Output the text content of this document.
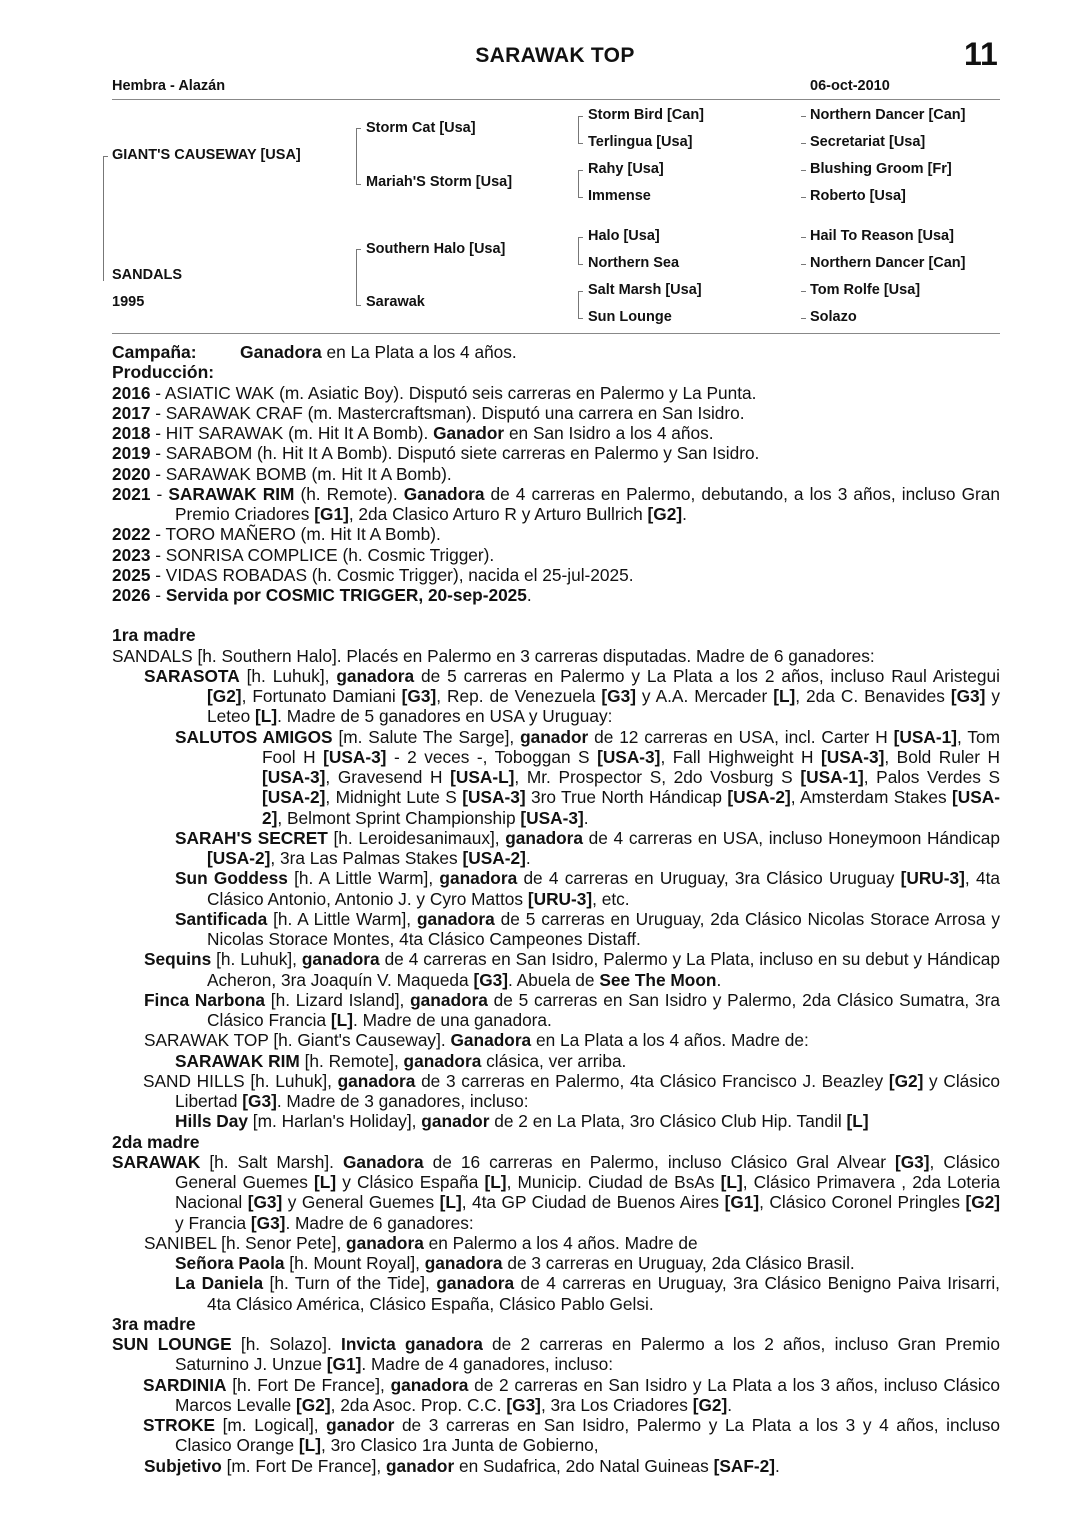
SARAWAK TOP	11
Hembra - Alazán	06-oct-2010
GIANT'S CAUSEWAY [USA]
SANDALS
1995
Storm Cat [Usa]
Mariah'S Storm [Usa]
Southern Halo [Usa]
Sarawak
Storm Bird [Can]
Terlingua [Usa]
Rahy [Usa]
Immense
Halo [Usa]
Northern Sea
Salt Marsh [Usa]
Sun Lounge
Northern Dancer [Can]
Secretariat [Usa]
Blushing Groom [Fr]
Roberto [Usa]
Hail To Reason [Usa]
Northern Dancer [Can]
Tom Rolfe [Usa]
Solazo
Campaña: Ganadora en La Plata a los 4 años.
Producción:
2016 - ASIATIC WAK (m. Asiatic Boy). Disputó seis carreras en Palermo y La Punta.
2017 - SARAWAK CRAF (m. Mastercraftsman). Disputó una carrera en San Isidro.
2018 - HIT SARAWAK (m. Hit It A Bomb). Ganador en San Isidro a los 4 años.
2019 - SARABOM (h. Hit It A Bomb). Disputó siete carreras en Palermo y San Isidro.
2020 - SARAWAK BOMB (m. Hit It A Bomb).
2021 - SARAWAK RIM (h. Remote). Ganadora de 4 carreras en Palermo, debutando, a los 3 años, incluso Gran Premio Criadores [G1], 2da Clasico Arturo R y Arturo Bullrich [G2].
2022 - TORO MAÑERO (m. Hit It A Bomb).
2023 - SONRISA COMPLICE (h. Cosmic Trigger).
2025 - VIDAS ROBADAS (h. Cosmic Trigger), nacida el 25-jul-2025.
2026 - Servida por COSMIC TRIGGER, 20-sep-2025.
1ra madre
SANDALS [h. Southern Halo]. Placés en Palermo en 3 carreras disputadas. Madre de 6 ganadores:
SARASOTA [h. Luhuk], ganadora de 5 carreras en Palermo y La Plata a los 2 años, incluso Raul Aristegui [G2], Fortunato Damiani [G3], Rep. de Venezuela [G3] y A.A. Mercader [L], 2da C. Benavides [G3] y Leteo [L]. Madre de 5 ganadores en USA y Uruguay:
SALUTOS AMIGOS [m. Salute The Sarge], ganador de 12 carreras en USA, incl. Carter H [USA-1], Tom Fool H [USA-3] - 2 veces -, Toboggan S [USA-3], Fall Highweight H [USA-3], Bold Ruler H [USA-3], Gravesend H [USA-L], Mr. Prospector S, 2do Vosburg S [USA-1], Palos Verdes S [USA-2], Midnight Lute S [USA-3] 3ro True North Hándicap [USA-2], Amsterdam Stakes [USA-2], Belmont Sprint Championship [USA-3].
SARAH'S SECRET [h. Leroidesanimaux], ganadora de 4 carreras en USA, incluso Honeymoon Hándicap [USA-2], 3ra Las Palmas Stakes [USA-2].
Sun Goddess [h. A Little Warm], ganadora de 4 carreras en Uruguay, 3ra Clásico Uruguay [URU-3], 4ta Clásico Antonio, Antonio J. y Cyro Mattos [URU-3], etc.
Santificada [h. A Little Warm], ganadora de 5 carreras en Uruguay, 2da Clásico Nicolas Storace Arrosa y Nicolas Storace Montes, 4ta Clásico Campeones Distaff.
Sequins [h. Luhuk], ganadora de 4 carreras en San Isidro, Palermo y La Plata, incluso en su debut y Hándicap Acheron, 3ra Joaquín V. Maqueda [G3]. Abuela de See The Moon.
Finca Narbona [h. Lizard Island], ganadora de 5 carreras en San Isidro y Palermo, 2da Clásico Sumatra, 3ra Clásico Francia [L]. Madre de una ganadora.
SARAWAK TOP [h. Giant's Causeway]. Ganadora en La Plata a los 4 años. Madre de:
SARAWAK RIM [h. Remote], ganadora clásica, ver arriba.
SAND HILLS [h. Luhuk], ganadora de 3 carreras en Palermo, 4ta Clásico Francisco J. Beazley [G2] y Clásico Libertad [G3]. Madre de 3 ganadores, incluso:
Hills Day [m. Harlan's Holiday], ganador de 2 en La Plata, 3ro Clásico Club Hip. Tandil [L]
2da madre
SARAWAK [h. Salt Marsh]. Ganadora de 16 carreras en Palermo, incluso Clásico Gral Alvear [G3], Clásico General Guemes [L] y Clásico España [L], Municip. Ciudad de BsAs [L], Clásico Primavera , 2da Loteria Nacional [G3] y General Guemes [L], 4ta GP Ciudad de Buenos Aires [G1], Clásico Coronel Pringles [G2] y Francia [G3]. Madre de 6 ganadores:
SANIBEL [h. Senor Pete], ganadora en Palermo a los 4 años. Madre de
Señora Paola [h. Mount Royal], ganadora de 3 carreras en Uruguay, 2da Clásico Brasil.
La Daniela [h. Turn of the Tide], ganadora de 4 carreras en Uruguay, 3ra Clásico Benigno Paiva Irisarri, 4ta Clásico América, Clásico España, Clásico Pablo Gelsi.
3ra madre
SUN LOUNGE [h. Solazo]. Invicta ganadora de 2 carreras en Palermo a los 2 años, incluso Gran Premio Saturnino J. Unzue [G1]. Madre de 4 ganadores, incluso:
SARDINIA [h. Fort De France], ganadora de 2 carreras en San Isidro y La Plata a los 3 años, incluso Clásico Marcos Levalle [G2], 2da Asoc. Prop. C.C. [G3], 3ra Los Criadores [G2].
STROKE [m. Logical], ganador de 3 carreras en San Isidro, Palermo y La Plata a los 3 y 4 años, incluso Clasico Orange [L], 3ro Clasico 1ra Junta de Gobierno,
Subjetivo [m. Fort De France], ganador en Sudafrica, 2do Natal Guineas [SAF-2].
